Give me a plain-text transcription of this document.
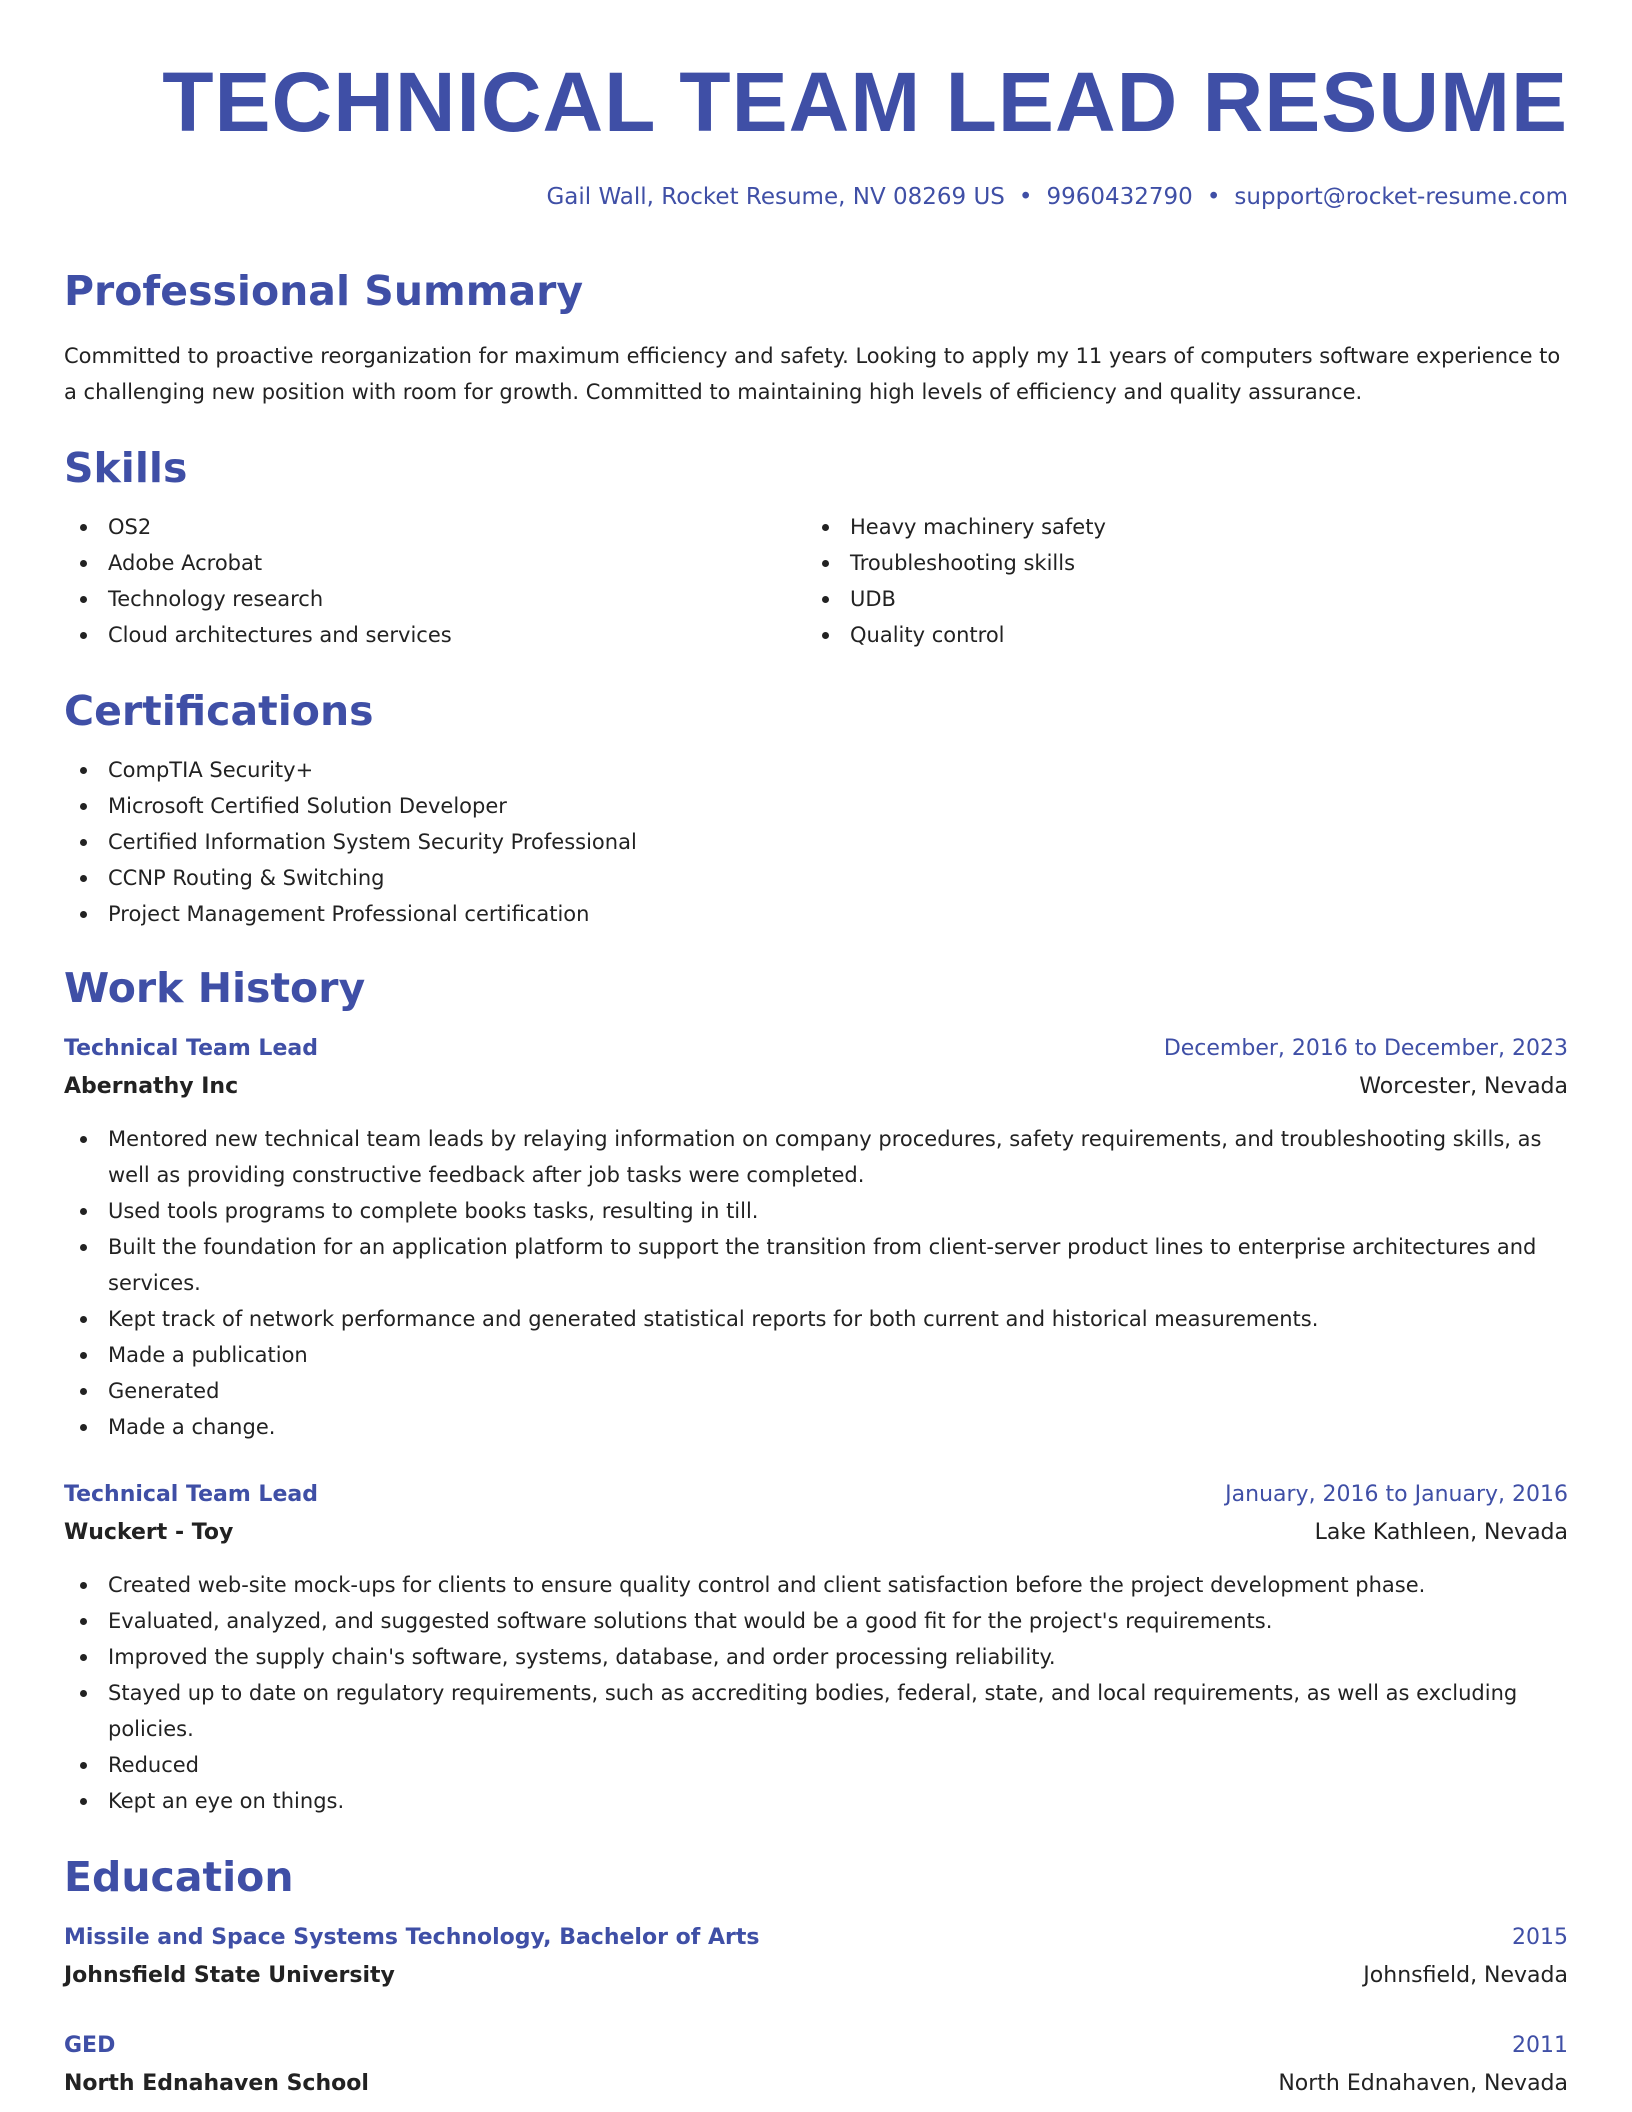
TECHNICAL TEAM LEAD RESUME
Gail Wall, Rocket Resume, NV 08269 US • 9960432790 • support@rocket-resume.com
Professional Summary

Committed to proactive reorganization for maximum efficiency and safety. Looking to apply my 11 years of computers software experience to a challenging new position with room for growth. Committed to maintaining high levels of efficiency and quality assurance.

Skills
OS2
Adobe Acrobat
Technology research
Cloud architectures and services
Heavy machinery safety
Troubleshooting skills
UDB
Quality control
Certifications
CompTIA Security+
Microsoft Certified Solution Developer
Certified Information System Security Professional
CCNP Routing & Switching
Project Management Professional certification
Work History
Technical Team Lead	December, 2016 to December, 2023
Abernathy Inc	Worcester, Nevada
Mentored new technical team leads by relaying information on company procedures, safety requirements, and troubleshooting skills, as well as providing constructive feedback after job tasks were completed.
Used tools programs to complete books tasks, resulting in till.
Built the foundation for an application platform to support the transition from client-server product lines to enterprise architectures and services.
Kept track of network performance and generated statistical reports for both current and historical measurements.
Made a publication
Generated
Made a change.
Technical Team Lead	January, 2016 to January, 2016
Wuckert - Toy	Lake Kathleen, Nevada
Created web-site mock-ups for clients to ensure quality control and client satisfaction before the project development phase.
Evaluated, analyzed, and suggested software solutions that would be a good fit for the project's requirements.
Improved the supply chain's software, systems, database, and order processing reliability.
Stayed up to date on regulatory requirements, such as accrediting bodies, federal, state, and local requirements, as well as excluding policies.
Reduced
Kept an eye on things.
Education
Missile and Space Systems Technology, Bachelor of Arts	2015
Johnsfield State University	Johnsfield, Nevada
GED	2011
North Ednahaven School	North Ednahaven, Nevada
